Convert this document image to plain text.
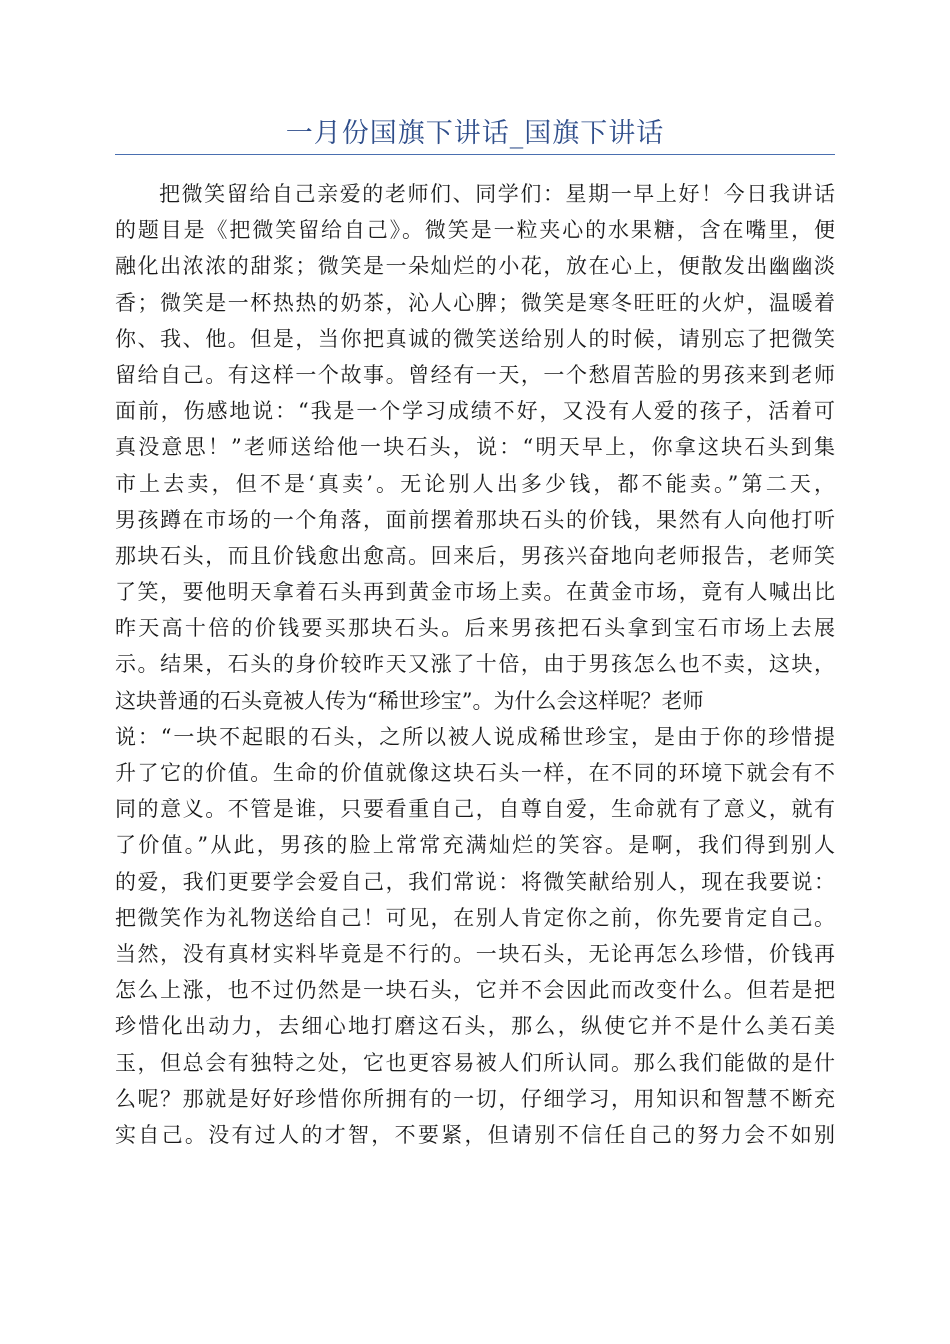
一月份国旗下讲话_国旗下讲话
把微笑留给自己亲爱的老师们、同学们：星期一早上好！今日我讲话
的题目是《把微笑留给自己》。微笑是一粒夹心的水果糖，含在嘴里，便
融化出浓浓的甜浆；微笑是一朵灿烂的小花，放在心上，便散发出幽幽淡
香；微笑是一杯热热的奶茶，沁人心脾；微笑是寒冬旺旺的火炉，温暖着
你、我、他。但是，当你把真诚的微笑送给别人的时候，请别忘了把微笑
留给自己。有这样一个故事。曾经有一天，一个愁眉苦脸的男孩来到老师
面前，伤感地说：“我是一个学习成绩不好，又没有人爱的孩子，活着可
真没意思！”老师送给他一块石头，说：“明天早上，你拿这块石头到集
市上去卖，但不是‘真卖’。无论别人出多少钱，都不能卖。”第二天，
男孩蹲在市场的一个角落，面前摆着那块石头的价钱，果然有人向他打听
那块石头，而且价钱愈出愈高。回来后，男孩兴奋地向老师报告，老师笑
了笑，要他明天拿着石头再到黄金市场上卖。在黄金市场，竟有人喊出比
昨天高十倍的价钱要买那块石头。后来男孩把石头拿到宝石市场上去展
示。结果，石头的身价较昨天又涨了十倍，由于男孩怎么也不卖，这块，
这块普通的石头竟被人传为“稀世珍宝”。为什么会这样呢？老师
说：“一块不起眼的石头，之所以被人说成稀世珍宝，是由于你的珍惜提
升了它的价值。生命的价值就像这块石头一样，在不同的环境下就会有不
同的意义。不管是谁，只要看重自己，自尊自爱，生命就有了意义，就有
了价值。”从此，男孩的脸上常常充满灿烂的笑容。是啊，我们得到别人
的爱，我们更要学会爱自己，我们常说：将微笑献给别人，现在我要说：
把微笑作为礼物送给自己！可见，在别人肯定你之前，你先要肯定自己。
当然，没有真材实料毕竟是不行的。一块石头，无论再怎么珍惜，价钱再
怎么上涨，也不过仍然是一块石头，它并不会因此而改变什么。但若是把
珍惜化出动力，去细心地打磨这石头，那么，纵使它并不是什么美石美
玉，但总会有独特之处，它也更容易被人们所认同。那么我们能做的是什
么呢？那就是好好珍惜你所拥有的一切，仔细学习，用知识和智慧不断充
实自己。没有过人的才智，不要紧，但请别不信任自己的努力会不如别
